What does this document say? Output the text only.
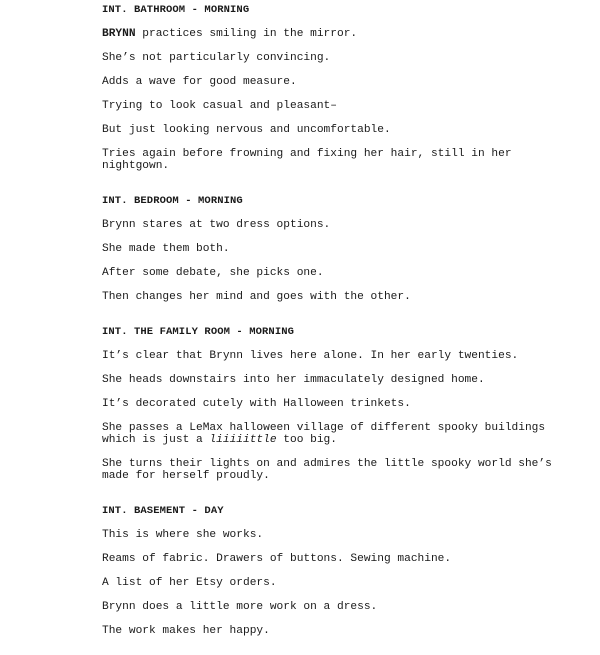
INT. BATHROOM - MORNING
BRYNN practices smiling in the mirror.
She’s not particularly convincing.
Adds a wave for good measure.
Trying to look casual and pleasant–
But just looking nervous and uncomfortable.
Tries again before frowning and fixing her hair, still in her nightgown.
INT. BEDROOM - MORNING
Brynn stares at two dress options.
She made them both.
After some debate, she picks one.
Then changes her mind and goes with the other.
INT. THE FAMILY ROOM - MORNING
It’s clear that Brynn lives here alone. In her early twenties.
She heads downstairs into her immaculately designed home.
It’s decorated cutely with Halloween trinkets.
She passes a LeMax halloween village of different spooky buildings which is just a liiiiittle too big.
She turns their lights on and admires the little spooky world she’s made for herself proudly.
INT. BASEMENT - DAY
This is where she works.
Reams of fabric. Drawers of buttons. Sewing machine.
A list of her Etsy orders.
Brynn does a little more work on a dress.
The work makes her happy.
